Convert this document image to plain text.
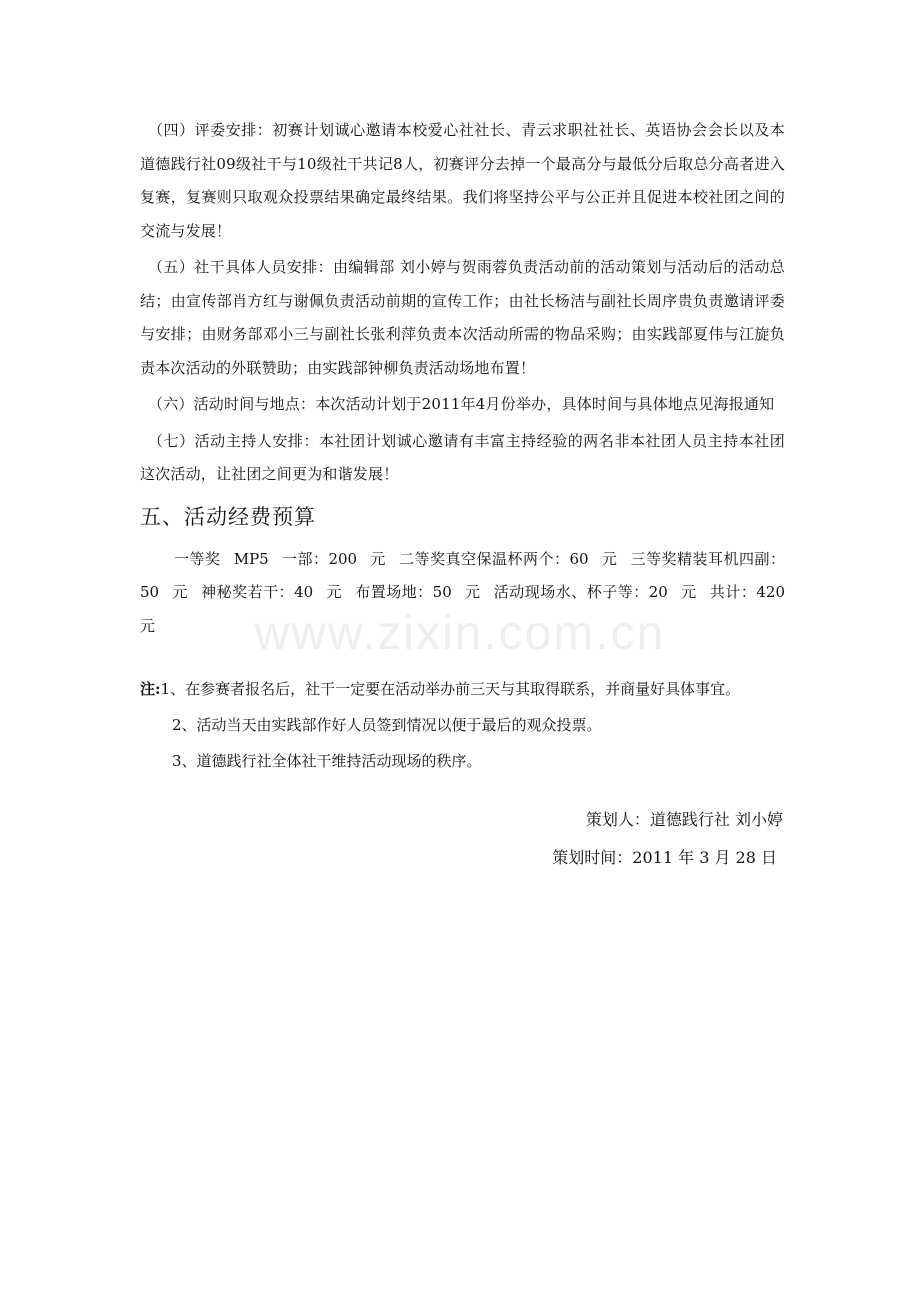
www.zixin.com.cn

（四）评委安排：初赛计划诚心邀请本校爱心社社长、青云求职社社长、英语协会会长以及本道德践行社09级社干与10级社干共记8人，初赛评分去掉一个最高分与最低分后取总分高者进入复赛，复赛则只取观众投票结果确定最终结果。我们将坚持公平与公正并且促进本校社团之间的交流与发展！

（五）社干具体人员安排：由编辑部 刘小婷与贺雨蓉负责活动前的活动策划与活动后的活动总结；由宣传部肖方红与谢佩负责活动前期的宣传工作；由社长杨洁与副社长周序贵负责邀请评委与安排；由财务部邓小三与副社长张利萍负责本次活动所需的物品采购；由实践部夏伟与江旋负责本次活动的外联赞助；由实践部钟柳负责活动场地布置！

（六）活动时间与地点：本次活动计划于2011年4月份举办，具体时间与具体地点见海报通知

（七）活动主持人安排：本社团计划诚心邀请有丰富主持经验的两名非本社团人员主持本社团这次活动，让社团之间更为和谐发展！

五、活动经费预算

一等奖 MP5 一部：200 元 二等奖真空保温杯两个：60 元 三等奖精装耳机四副：50 元 神秘奖若干：40 元 布置场地：50 元 活动现场水、杯子等：20 元 共计：420 元

注:1、在参赛者报名后，社干一定要在活动举办前三天与其取得联系，并商量好具体事宜。

2、活动当天由实践部作好人员签到情况以便于最后的观众投票。

3、道德践行社全体社干维持活动现场的秩序。

策划人：道德践行社 刘小婷
策划时间：2011 年 3 月 28 日
